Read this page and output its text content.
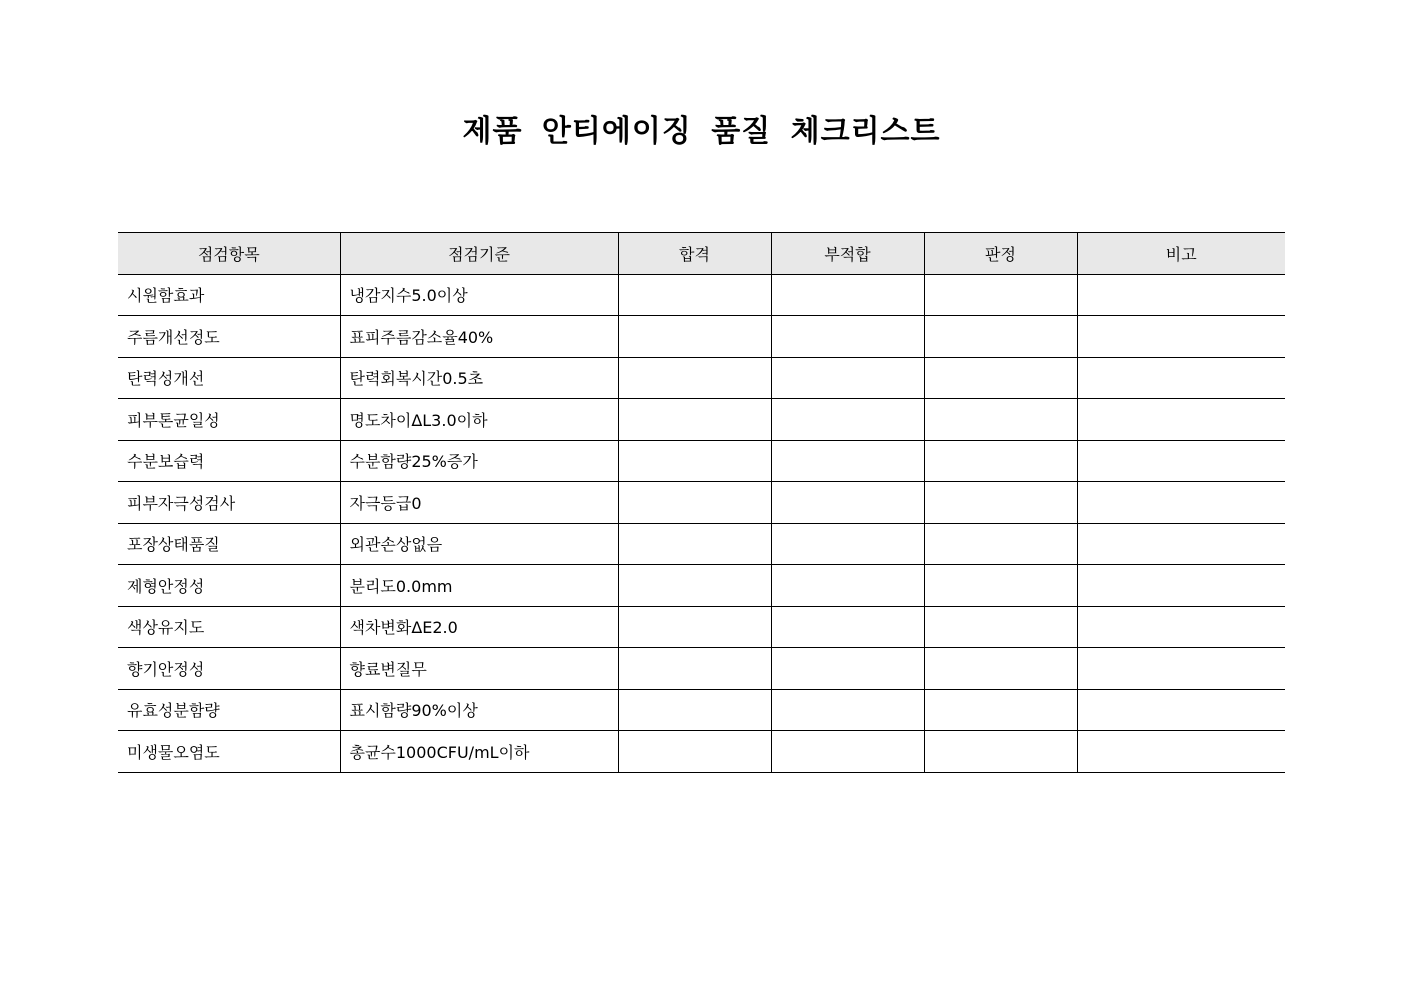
제품 안티에이징 품질 체크리스트
점검항목	점검기준	합격	부적합	판정	비고
시원함효과	냉감지수5.0이상				
주름개선정도	표피주름감소율40%				
탄력성개선	탄력회복시간0.5초				
피부톤균일성	명도차이ΔL3.0이하				
수분보습력	수분함량25%증가				
피부자극성검사	자극등급0				
포장상태품질	외관손상없음				
제형안정성	분리도0.0mm				
색상유지도	색차변화ΔE2.0				
향기안정성	향료변질무				
유효성분함량	표시함량90%이상				
미생물오염도	총균수1000CFU/mL이하				
